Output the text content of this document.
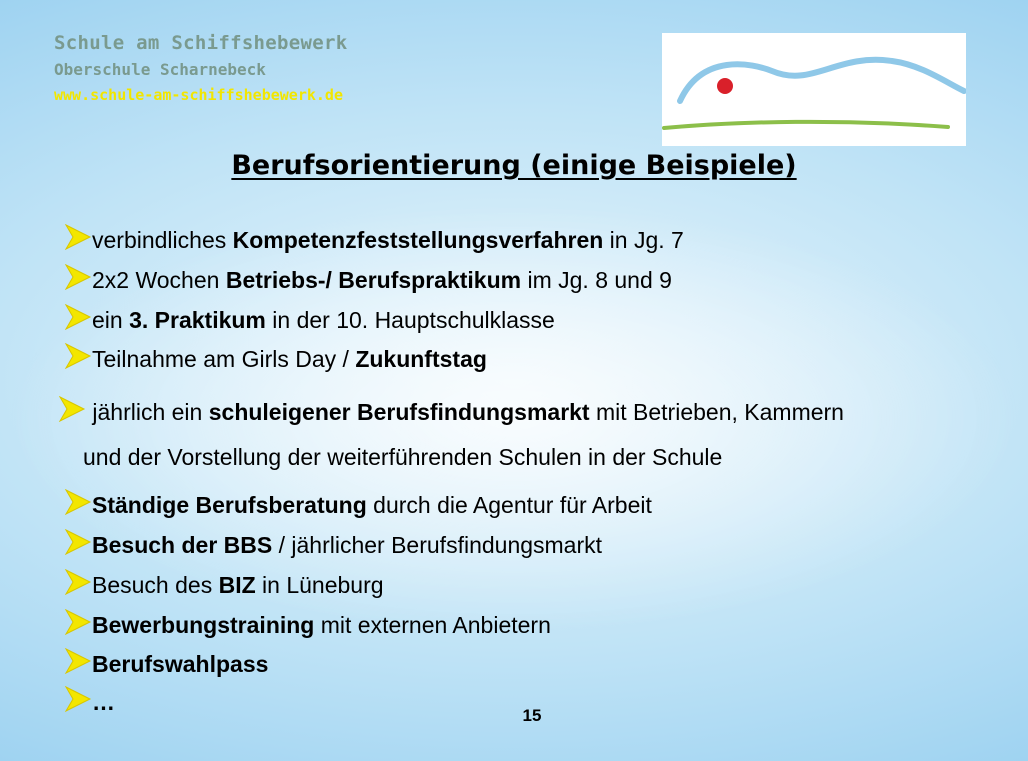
Schule am Schiffshebewerk
Oberschule Scharnebeck
www.schule-am-schiffshebewerk.de
Berufsorientierung (einige Beispiele)
verbindliches Kompetenzfeststellungsverfahren in Jg. 7
2x2 Wochen Betriebs-/ Berufspraktikum im Jg. 8 und 9
ein 3. Praktikum in der 10. Hauptschulklasse
Teilnahme am Girls Day / Zukunftstag
jährlich ein schuleigener Berufsfindungsmarkt mit Betrieben, Kammern
und der Vorstellung der weiterführenden Schulen in der Schule
Ständige Berufsberatung durch die Agentur für Arbeit
Besuch der BBS / jährlicher Berufsfindungsmarkt
Besuch des BIZ in Lüneburg
Bewerbungstraining mit externen Anbietern
Berufswahlpass
…
15
